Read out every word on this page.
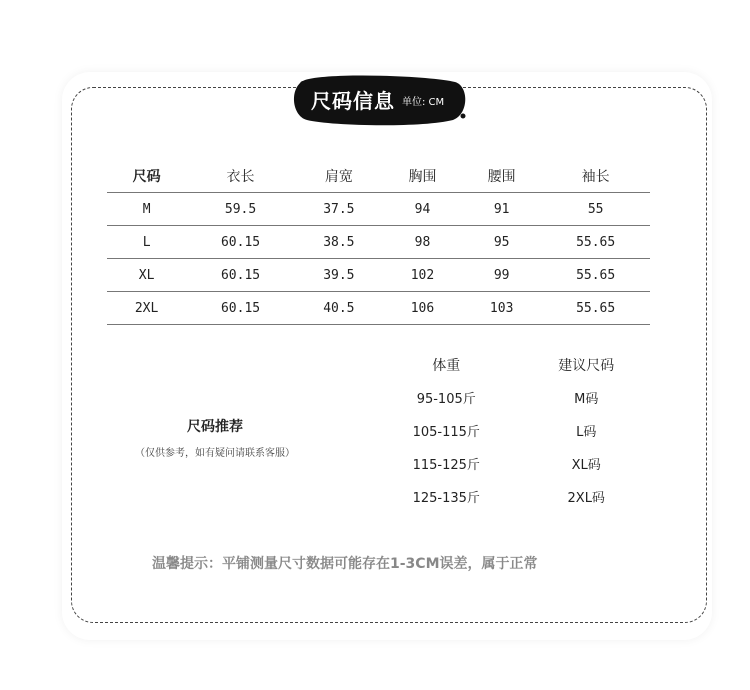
尺码信息 单位: CM
尺码	衣长	肩宽	胸围	腰围	袖长
M	59.5	37.5	94	91	55
L	60.15	38.5	98	95	55.65
XL	60.15	39.5	102	99	55.65
2XL	60.15	40.5	106	103	55.65
尺码推荐
（仅供参考，如有疑问请联系客服）
体重	建议尺码
95-105斤	M码
105-115斤	L码
115-125斤	XL码
125-135斤	2XL码
温馨提示：平铺测量尺寸数据可能存在1-3CM误差，属于正常
